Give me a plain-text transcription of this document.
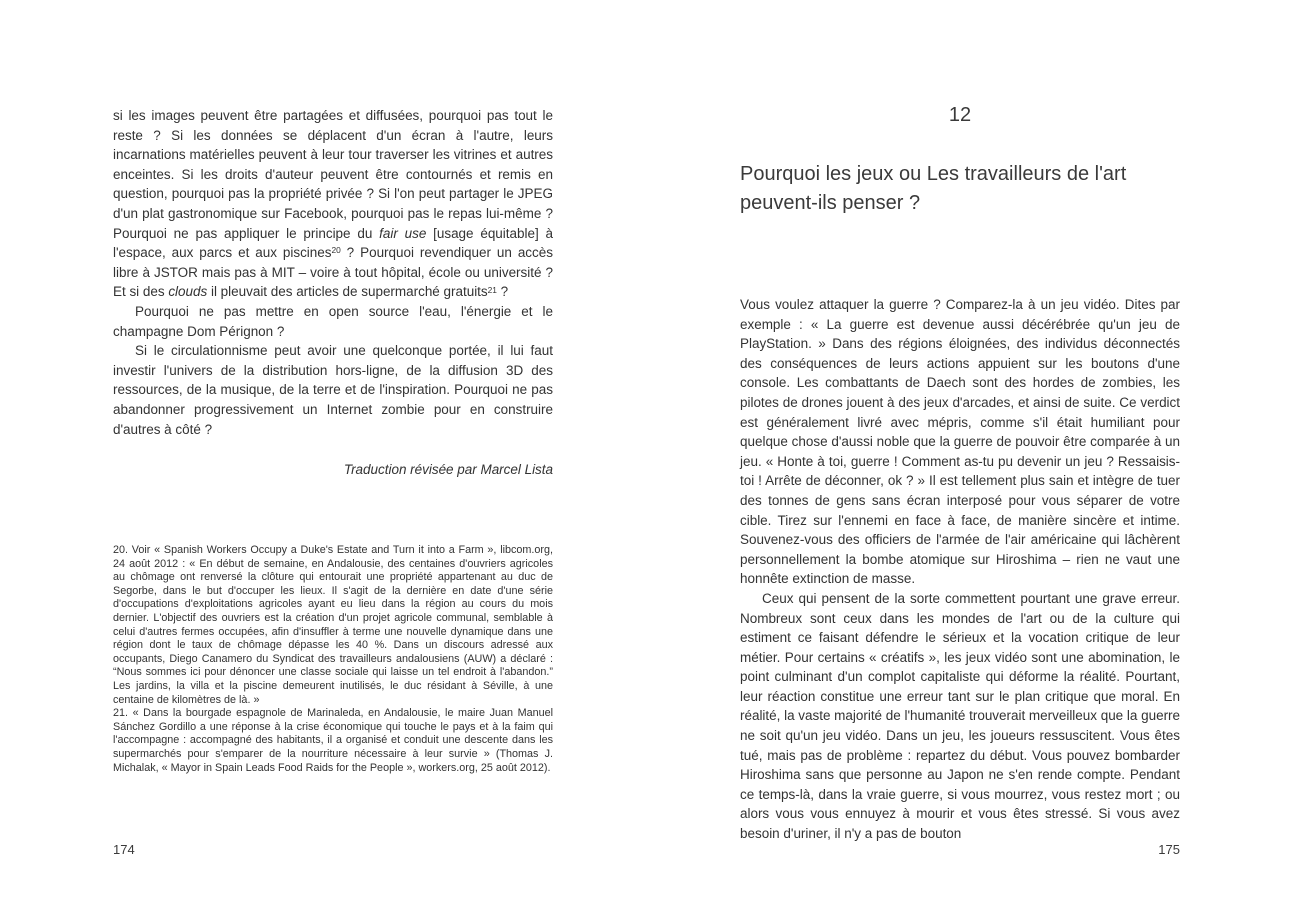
si les images peuvent être partagées et diffusées, pourquoi pas tout le reste ? Si les données se déplacent d'un écran à l'autre, leurs incarnations matérielles peuvent à leur tour traverser les vitrines et autres enceintes. Si les droits d'auteur peuvent être contournés et remis en question, pourquoi pas la propriété privée ? Si l'on peut partager le JPEG d'un plat gastronomique sur Facebook, pourquoi pas le repas lui-même ? Pourquoi ne pas appliquer le principe du fair use [usage équitable] à l'espace, aux parcs et aux piscines$^{20}$ ? Pourquoi revendiquer un accès libre à JSTOR mais pas à MIT – voire à tout hôpital, école ou université ? Et si des clouds il pleuvait des articles de supermarché gratuits$^{21}$ ?

Pourquoi ne pas mettre en open source l'eau, l'énergie et le champagne Dom Pérignon ?

Si le circulationnisme peut avoir une quelconque portée, il lui faut investir l'univers de la distribution hors-ligne, de la diffusion 3D des ressources, de la musique, de la terre et de l'inspiration. Pourquoi ne pas abandonner progressivement un Internet zombie pour en construire d'autres à côté ?

Traduction révisée par Marcel Lista

20. Voir « Spanish Workers Occupy a Duke's Estate and Turn it into a Farm », libcom.org, 24 août 2012 : « En début de semaine, en Andalousie, des centaines d'ouvriers agricoles au chômage ont renversé la clôture qui entourait une propriété appartenant au duc de Segorbe, dans le but d'occuper les lieux. Il s'agit de la dernière en date d'une série d'occupations d'exploitations agricoles ayant eu lieu dans la région au cours du mois dernier. L'objectif des ouvriers est la création d'un projet agricole communal, semblable à celui d'autres fermes occupées, afin d'insuffler à terme une nouvelle dynamique dans une région dont le taux de chômage dépasse les 40 %. Dans un discours adressé aux occupants, Diego Canamero du Syndicat des travailleurs andalousiens (AUW) a déclaré : “Nous sommes ici pour dénoncer une classe sociale qui laisse un tel endroit à l'abandon.” Les jardins, la villa et la piscine demeurent inutilisés, le duc résidant à Séville, à une centaine de kilomètres de là. »

21. « Dans la bourgade espagnole de Marinaleda, en Andalousie, le maire Juan Manuel Sánchez Gordillo a une réponse à la crise économique qui touche le pays et à la faim qui l'accompagne : accompagné des habitants, il a organisé et conduit une descente dans les supermarchés pour s'emparer de la nourriture nécessaire à leur survie » (Thomas J. Michalak, « Mayor in Spain Leads Food Raids for the People », workers.org, 25 août 2012).

174
12
Pourquoi les jeux ou Les travailleurs de l'art peuvent-ils penser ?

Vous voulez attaquer la guerre ? Comparez-la à un jeu vidéo. Dites par exemple : « La guerre est devenue aussi décérébrée qu'un jeu de PlayStation. » Dans des régions éloignées, des individus déconnectés des conséquences de leurs actions appuient sur les boutons d'une console. Les combattants de Daech sont des hordes de zombies, les pilotes de drones jouent à des jeux d'arcades, et ainsi de suite. Ce verdict est généralement livré avec mépris, comme s'il était humiliant pour quelque chose d'aussi noble que la guerre de pouvoir être comparée à un jeu. « Honte à toi, guerre ! Comment as-tu pu devenir un jeu ? Ressaisis-toi ! Arrête de déconner, ok ? » Il est tellement plus sain et intègre de tuer des tonnes de gens sans écran interposé pour vous séparer de votre cible. Tirez sur l'ennemi en face à face, de manière sincère et intime. Souvenez-vous des officiers de l'armée de l'air américaine qui lâchèrent personnellement la bombe atomique sur Hiroshima – rien ne vaut une honnête extinction de masse.

Ceux qui pensent de la sorte commettent pourtant une grave erreur. Nombreux sont ceux dans les mondes de l'art ou de la culture qui estiment ce faisant défendre le sérieux et la vocation critique de leur métier. Pour certains « créatifs », les jeux vidéo sont une abomination, le point culminant d'un complot capitaliste qui déforme la réalité. Pourtant, leur réaction constitue une erreur tant sur le plan critique que moral. En réalité, la vaste majorité de l'humanité trouverait merveilleux que la guerre ne soit qu'un jeu vidéo. Dans un jeu, les joueurs ressuscitent. Vous êtes tué, mais pas de problème : repartez du début. Vous pouvez bombarder Hiroshima sans que personne au Japon ne s'en rende compte. Pendant ce temps-là, dans la vraie guerre, si vous mourrez, vous restez mort ; ou alors vous vous ennuyez à mourir et vous êtes stressé. Si vous avez besoin d'uriner, il n'y a pas de bouton

175
